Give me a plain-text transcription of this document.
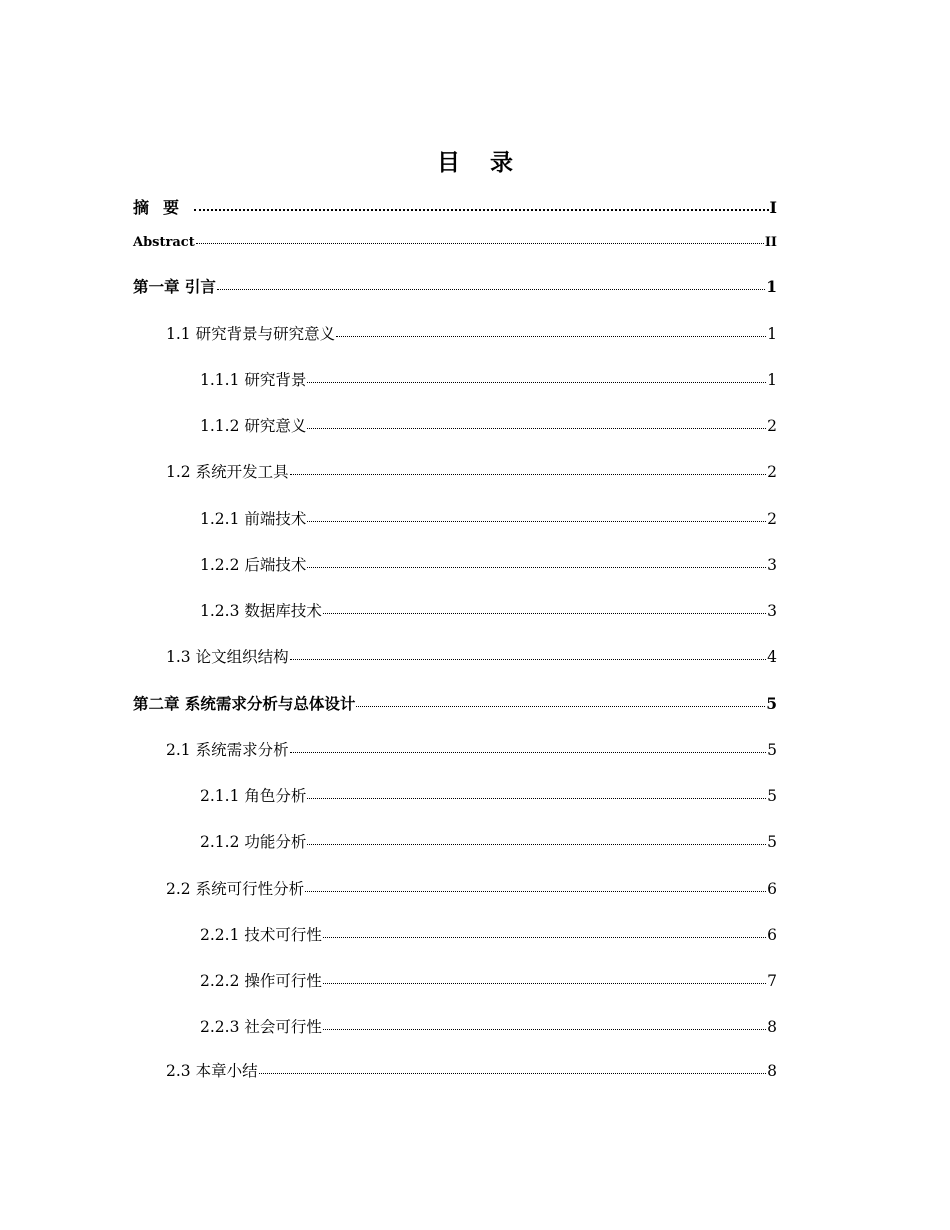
目 录
摘要	I
Abstract	II
第一章 引言	1
1.1 研究背景与研究意义	1
1.1.1 研究背景	1
1.1.2 研究意义	2
1.2 系统开发工具	2
1.2.1 前端技术	2
1.2.2 后端技术	3
1.2.3 数据库技术	3
1.3 论文组织结构	4
第二章 系统需求分析与总体设计	5
2.1 系统需求分析	5
2.1.1 角色分析	5
2.1.2 功能分析	5
2.2 系统可行性分析	6
2.2.1 技术可行性	6
2.2.2 操作可行性	7
2.2.3 社会可行性	8
2.3 本章小结	8
